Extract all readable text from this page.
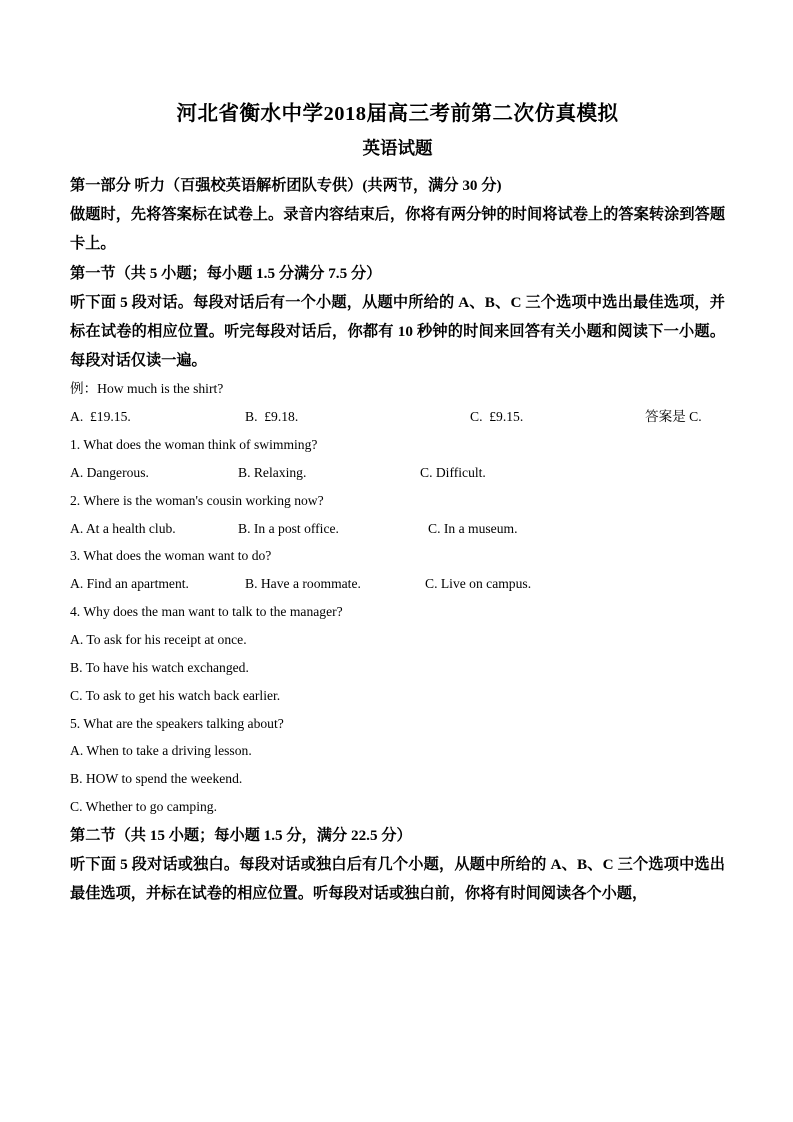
河北省衡水中学2018届高三考前第二次仿真模拟
英语试题

第一部分 听力（百强校英语解析团队专供）(共两节，满分 30 分)

做题时，先将答案标在试卷上。录音内容结束后，你将有两分钟的时间将试卷上的答案转涂到答题卡上。

第一节（共 5 小题；每小题 1.5 分满分 7.5 分）

听下面 5 段对话。每段对话后有一个小题，从题中所给的 A、B、C 三个选项中选出最佳选项，并标在试卷的相应位置。听完每段对话后，你都有 10 秒钟的时间来回答有关小题和阅读下一小题。每段对话仅读一遍。

例：How much is the shirt?

A.  £19.15.	B.  £9.18.	C.  £9.15.	答案是 C.

1. What does the woman think of swimming?

A. Dangerous.	B. Relaxing.	C. Difficult.

2. Where is the woman's cousin working now?

A. At a health club.	B. In a post office.	C. In a museum.

3. What does the woman want to do?

A. Find an apartment.	B. Have a roommate.	C. Live on campus.

4. Why does the man want to talk to the manager?

A. To ask for his receipt at once.

B. To have his watch exchanged.

C. To ask to get his watch back earlier.

5. What are the speakers talking about?

A. When to take a driving lesson.

B. HOW to spend the weekend.

C. Whether to go camping.

第二节（共 15 小题；每小题 1.5 分，满分 22.5 分）

听下面 5 段对话或独白。每段对话或独白后有几个小题，从题中所给的 A、B、C 三个选项中选出最佳选项，并标在试卷的相应位置。听每段对话或独白前，你将有时间阅读各个小题，
